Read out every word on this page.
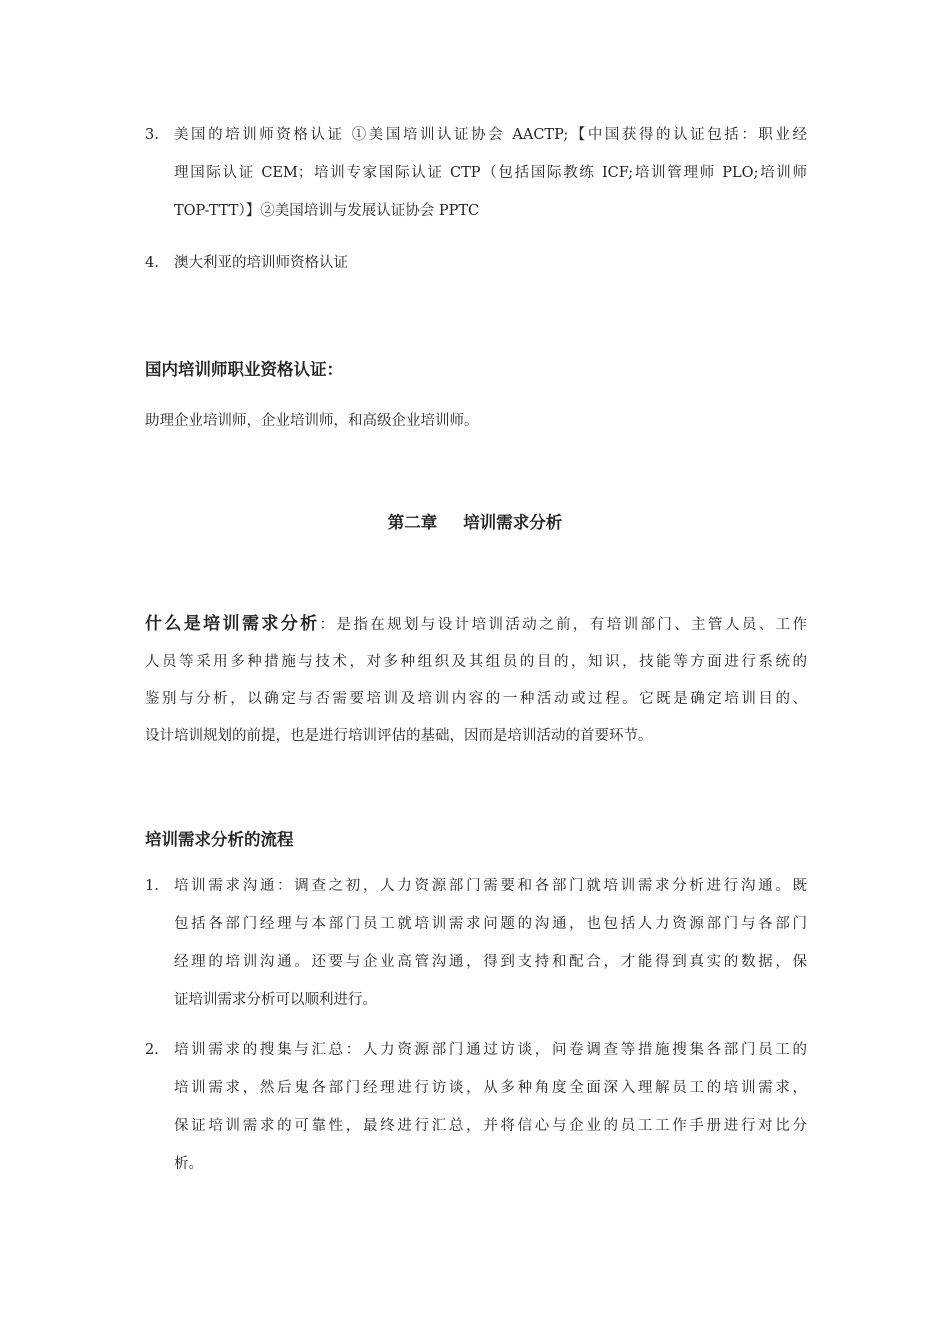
3. 美国的培训师资格认证 ①美国培训认证协会 AACTP;【中国获得的认证包括：职业经
理国际认证 CEM；培训专家国际认证 CTP（包括国际教练 ICF;培训管理师 PLO;培训师
TOP-TTT）】②美国培训与发展认证协会 PPTC
4. 澳大利亚的培训师资格认证
国内培训师职业资格认证：
助理企业培训师，企业培训师，和高级企业培训师。
第二章 培训需求分析
什么是培训需求分析：是指在规划与设计培训活动之前，有培训部门、主管人员、工作
人员等采用多种措施与技术，对多种组织及其组员的目的，知识，技能等方面进行系统的
鉴别与分析，以确定与否需要培训及培训内容的一种活动或过程。它既是确定培训目的、
设计培训规划的前提，也是进行培训评估的基础，因而是培训活动的首要环节。
培训需求分析的流程
1. 培训需求沟通：调查之初，人力资源部门需要和各部门就培训需求分析进行沟通。既
包括各部门经理与本部门员工就培训需求问题的沟通，也包括人力资源部门与各部门
经理的培训沟通。还要与企业高管沟通，得到支持和配合，才能得到真实的数据，保
证培训需求分析可以顺利进行。
2. 培训需求的搜集与汇总：人力资源部门通过访谈，问卷调查等措施搜集各部门员工的
培训需求，然后鬼各部门经理进行访谈，从多种角度全面深入理解员工的培训需求，
保证培训需求的可靠性，最终进行汇总，并将信心与企业的员工工作手册进行对比分
析。
